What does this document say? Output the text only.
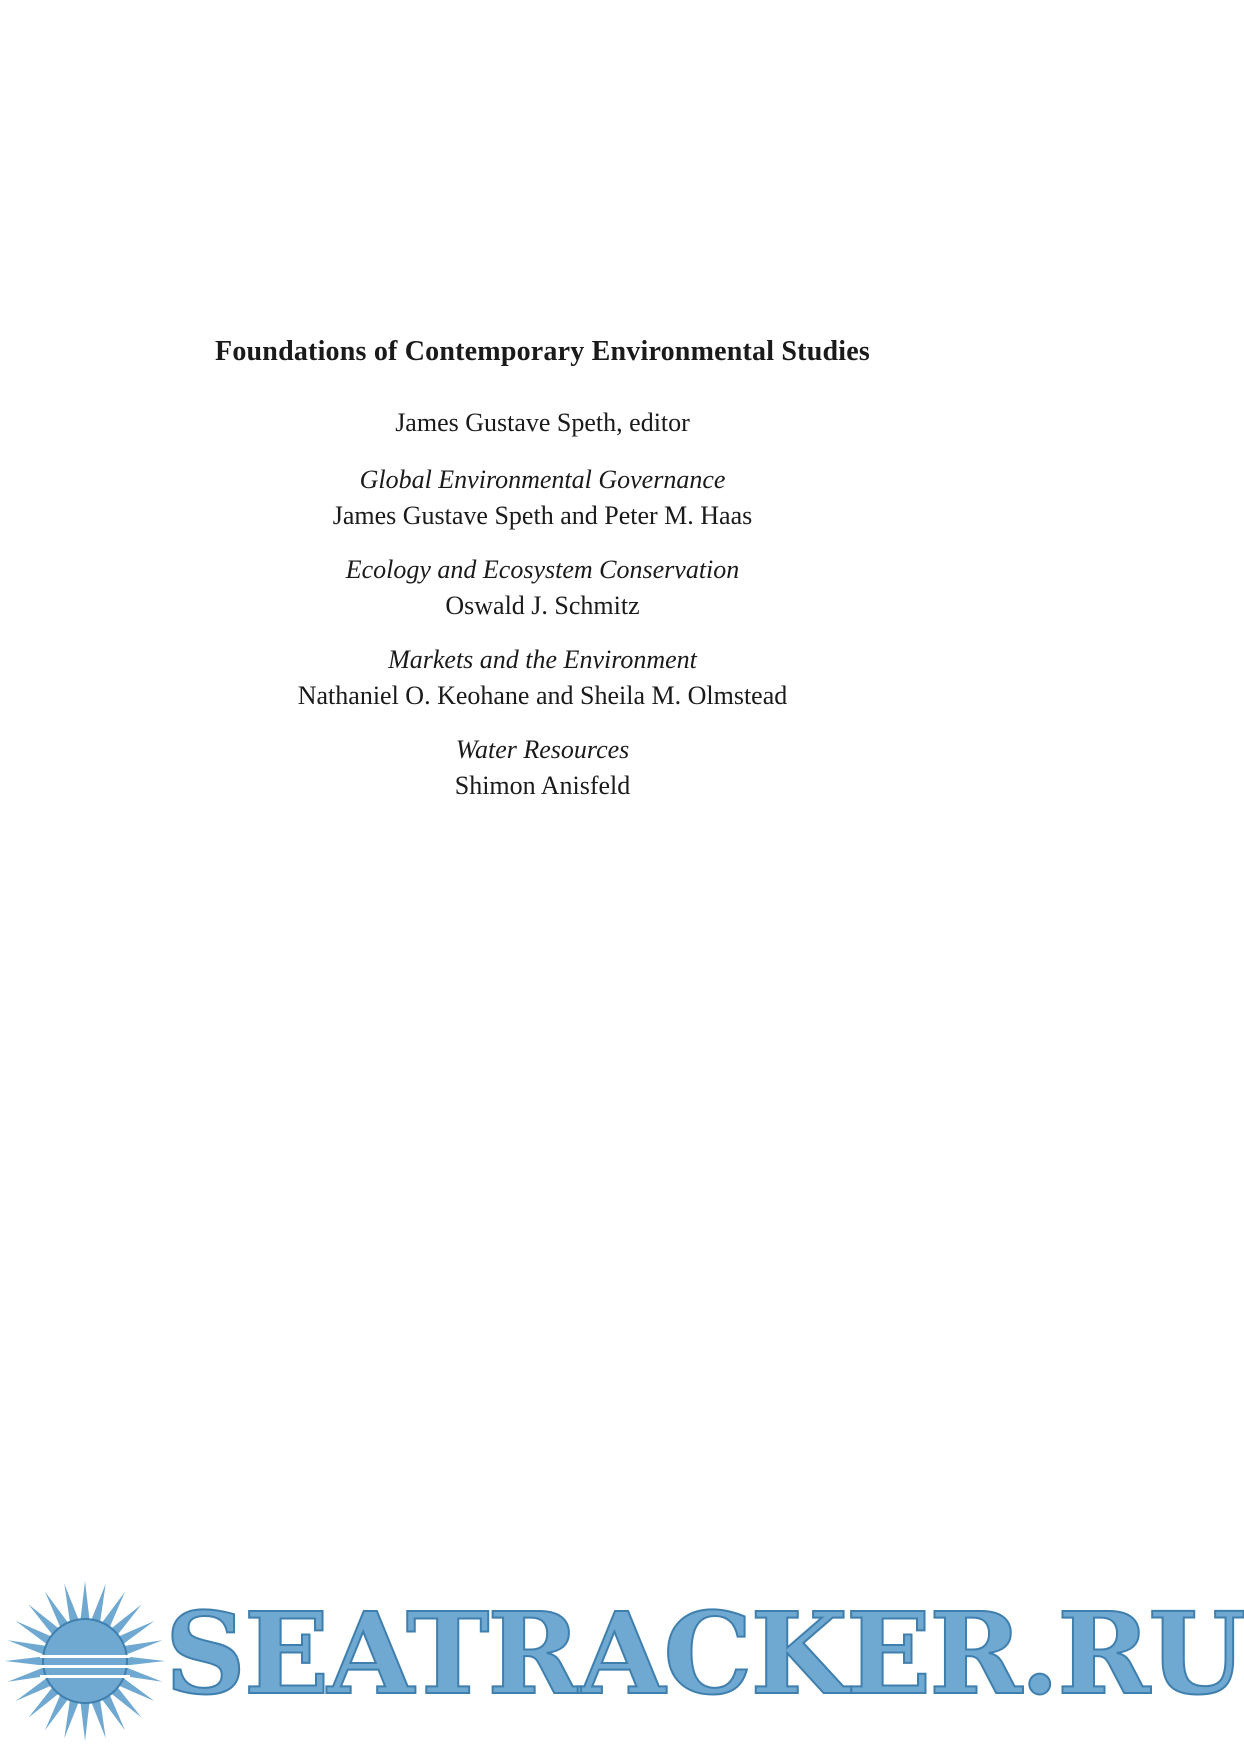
Foundations of Contemporary Environmental Studies
James Gustave Speth, editor
Global Environmental Governance
James Gustave Speth and Peter M. Haas
Ecology and Ecosystem Conservation
Oswald J. Schmitz
Markets and the Environment
Nathaniel O. Keohane and Sheila M. Olmstead
Water Resources
Shimon Anisfeld
SEATRACKER.RU
